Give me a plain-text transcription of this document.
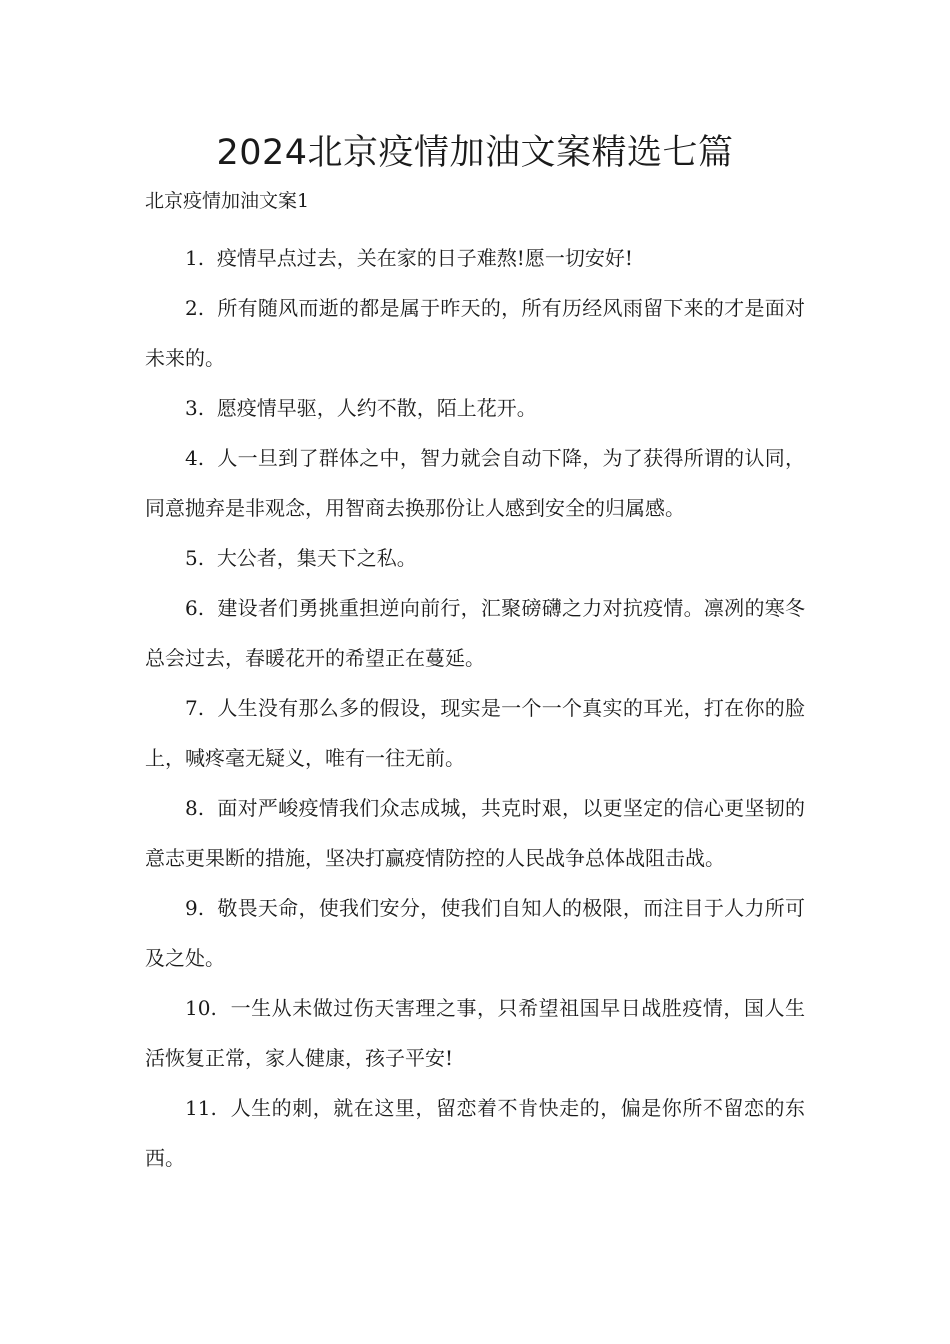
2024北京疫情加油文案精选七篇

北京疫情加油文案1

1. 疫情早点过去，关在家的日子难熬!愿一切安好!

2. 所有随风而逝的都是属于昨天的，所有历经风雨留下来的才是面对未来的。

3. 愿疫情早驱，人约不散，陌上花开。

4. 人一旦到了群体之中，智力就会自动下降，为了获得所谓的认同，同意抛弃是非观念，用智商去换那份让人感到安全的归属感。

5. 大公者，集天下之私。

6. 建设者们勇挑重担逆向前行，汇聚磅礴之力对抗疫情。凛冽的寒冬总会过去，春暖花开的希望正在蔓延。

7. 人生没有那么多的假设，现实是一个一个真实的耳光，打在你的脸上，喊疼毫无疑义，唯有一往无前。

8. 面对严峻疫情我们众志成城，共克时艰，以更坚定的信心更坚韧的意志更果断的措施，坚决打赢疫情防控的人民战争总体战阻击战。

9. 敬畏天命，使我们安分，使我们自知人的极限，而注目于人力所可及之处。

10. 一生从未做过伤天害理之事，只希望祖国早日战胜疫情，国人生活恢复正常，家人健康，孩子平安!

11. 人生的刺，就在这里，留恋着不肯快走的，偏是你所不留恋的东西。
